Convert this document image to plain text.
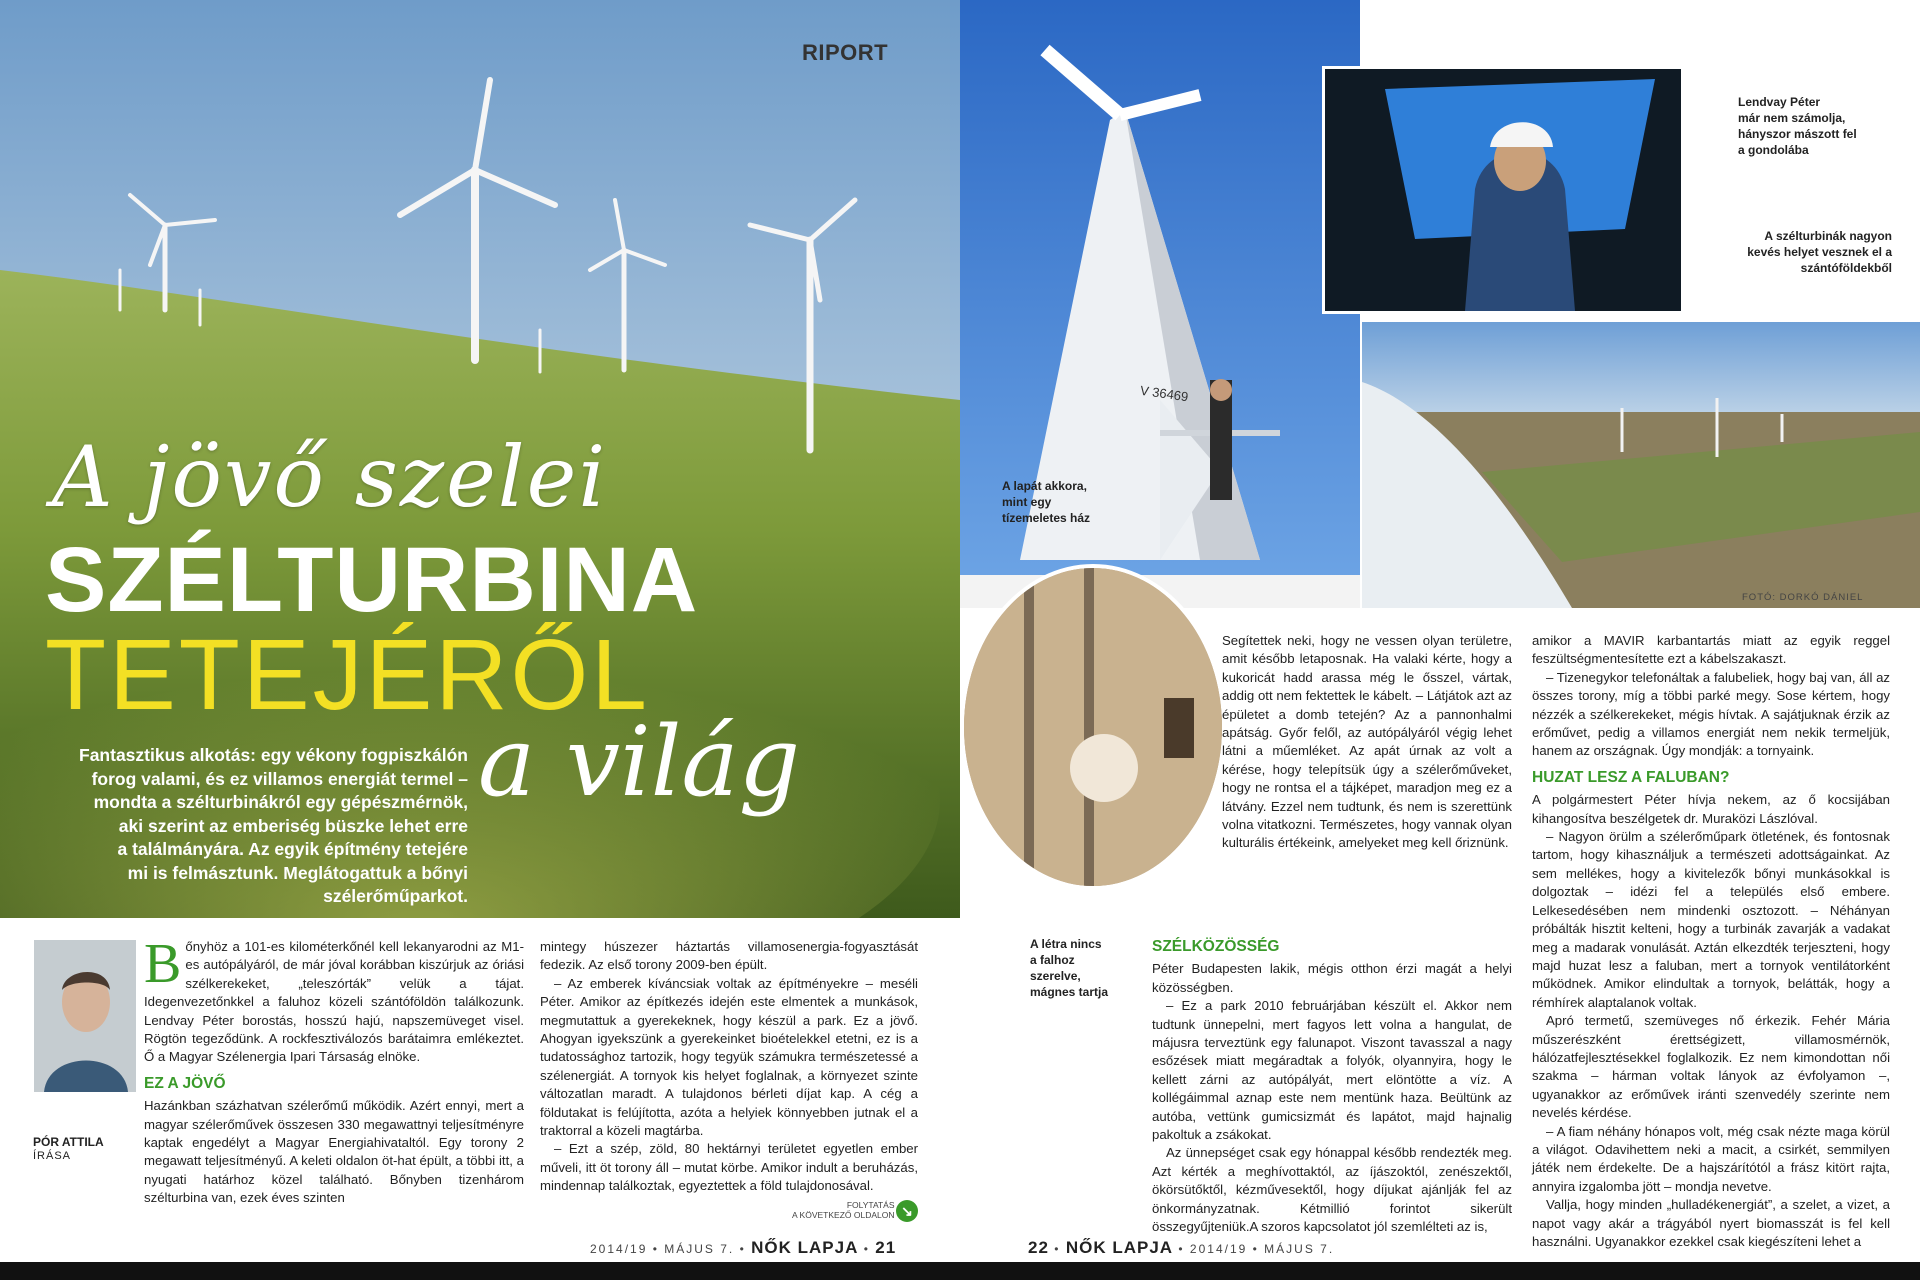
RIPORT
A jövő szelei
SZÉLTURBINA
TETEJÉRŐL
a világ
Fantasztikus alkotás: egy vékony fogpiszkálón
forog valami, és ez villamos energiát termel –
mondta a szélturbinákról egy gépészmérnök,
aki szerint az emberiség büszke lehet erre
a találmányára. Az egyik építmény tetejére
mi is felmásztunk. Meglátogattuk a bőnyi
szélerőműparkot.
PÓR ATTILA
ÍRÁSA

Bőnyhöz a 101-es kilométerkőnél kell lekanyarodni az M1-es autópályáról, de már jóval korábban kiszúrjuk az óriási szélkerekeket, „teleszórták” velük a tájat. Idegenvezetőnkkel a faluhoz közeli szántóföldön találkozunk. Lendvay Péter borostás, hosszú hajú, napszemüveget visel. Rögtön tegeződünk. A rockfesztiválozós barátaimra emlékeztet. Ő a Magyar Szélenergia Ipari Társaság elnöke.

EZ A JÖVŐ

Hazánkban százhatvan szélerőmű működik. Azért ennyi, mert a magyar szélerőművek összesen 330 megawattnyi teljesítményre kaptak engedélyt a Magyar Energiahivataltól. Egy torony 2 megawatt teljesítményű. A keleti oldalon öt-hat épült, a többi itt, a nyugati határhoz közel található. Bőnyben tizenhárom szélturbina van, ezek éves szinten

mintegy húszezer háztartás villamosenergia-fogyasztását fedezik. Az első torony 2009-ben épült.

– Az emberek kíváncsiak voltak az építményekre – meséli Péter. Amikor az építkezés idején este elmentek a munkások, megmutattuk a gyerekeknek, hogy készül a park. Ez a jövő. Ahogyan igyekszünk a gyerekeinket bioételekkel etetni, ez is a tudatossághoz tartozik, hogy tegyük számukra természetessé a szélenergiát. A tornyok kis helyet foglalnak, a környezet szinte változatlan maradt. A tulajdonos bérleti díjat kap. A cég a földutakat is felújította, azóta a helyiek könnyebben jutnak el a traktorral a közeli magtárba.

– Ezt a szép, zöld, 80 hektárnyi területet egyetlen ember műveli, itt öt torony áll – mutat körbe. Amikor indult a beruházás, mindennap találkoztak, egyeztettek a föld tulajdonosával.

FOLYTATÁS
A KÖVETKEZŐ OLDALON ↘
2014/19 • MÁJUS 7. • NŐK LAPJA • 21
V 36469
A lapát akkora,
mint egy
tízemeletes ház
Lendvay Péter
már nem számolja,
hányszor mászott fel
a gondolába
A szélturbinák nagyon
kevés helyet vesznek el a
szántóföldekből
FOTÓ: DORKÓ DÁNIEL
A létra nincs
a falhoz
szerelve,
mágnes tartja

Segítettek neki, hogy ne vessen olyan területre, amit később letaposnak. Ha valaki kérte, hogy a kukoricát hadd arassa még le ősszel, vártak, addig ott nem fektettek le kábelt. – Látjátok azt az épületet a domb tetején? Az a pannonhalmi apátság. Győr felől, az autópályáról végig lehet látni a műemléket. Az apát úrnak az volt a kérése, hogy telepítsük úgy a szélerőműveket, hogy ne rontsa el a tájképet, maradjon meg ez a látvány. Ezzel nem tudtunk, és nem is szerettünk volna vitatkozni. Természetes, hogy vannak olyan kulturális értékeink, amelyeket meg kell őriznünk.

SZÉLKÖZÖSSÉG

Péter Budapesten lakik, mégis otthon érzi magát a helyi közösségben.

– Ez a park 2010 februárjában készült el. Akkor nem tudtunk ünnepelni, mert fagyos lett volna a hangulat, de májusra terveztünk egy falunapot. Viszont tavasszal a nagy esőzések miatt megáradtak a folyók, olyannyira, hogy le kellett zárni az autópályát, mert elöntötte a víz. A kollégáimmal aznap este nem mentünk haza. Beültünk az autóba, vettünk gumicsizmát és lapátot, majd hajnalig pakoltuk a zsákokat.

Az ünnepséget csak egy hónappal később rendezték meg. Azt kérték a meghívottaktól, az íjászoktól, zenészektől, ökörsütőktől, kézművesektől, hogy díjukat ajánlják fel az önkormányzatnak. Kétmillió forintot sikerült összegyűjteniük.A szoros kapcsolatot jól szemlélteti az is,

amikor a MAVIR karbantartás miatt az egyik reggel feszültségmentesítette ezt a kábelszakaszt.

– Tizenegykor telefonáltak a falubeliek, hogy baj van, áll az összes torony, míg a többi parké megy. Sose kértem, hogy nézzék a szélkerekeket, mégis hívtak. A sajátjuknak érzik az erőművet, pedig a villamos energiát nem nekik termeljük, hanem az országnak. Úgy mondják: a tornyaink.

HUZAT LESZ A FALUBAN?

A polgármestert Péter hívja nekem, az ő kocsijában kihangosítva beszélgetek dr. Muraközi Lászlóval.

– Nagyon örülm a szélerőműpark ötletének, és fontosnak tartom, hogy kihasználjuk a természeti adottságainkat. Az sem mellékes, hogy a kivitelezők bőnyi munkásokkal is dolgoztak – idézi fel a település első embere. Lelkesedésében nem mindenki osztozott. – Néhányan próbálták hisztit kelteni, hogy a turbinák zavarják a vadakat meg a madarak vonulását. Aztán elkezdték terjeszteni, hogy majd huzat lesz a faluban, mert a tornyok ventilátorként működnek. Amikor elindultak a tornyok, belátták, hogy a rémhírek alaptalanok voltak.

Apró termetű, szemüveges nő érkezik. Fehér Mária műszerészként érettségizett, villamosmérnök, hálózatfejlesztésekkel foglalkozik. Ez nem kimondottan női szakma – hárman voltak lányok az évfolyamon –, ugyanakkor az erőművek iránti szenvedély szerinte nem nevelés kérdése.

– A fiam néhány hónapos volt, még csak nézte maga körül a világot. Odavihettem neki a macit, a csirkét, semmilyen játék nem érdekelte. De a hajszárítótól a frász kitört rajta, annyira izgalomba jött – mondja nevetve.

Vallja, hogy minden „hulladékenergiát”, a szelet, a vizet, a napot vagy akár a trágyából nyert biomasszát is fel kell használni. Ugyanakkor ezekkel csak kiegészíteni lehet a

22 • NŐK LAPJA • 2014/19 • MÁJUS 7.
